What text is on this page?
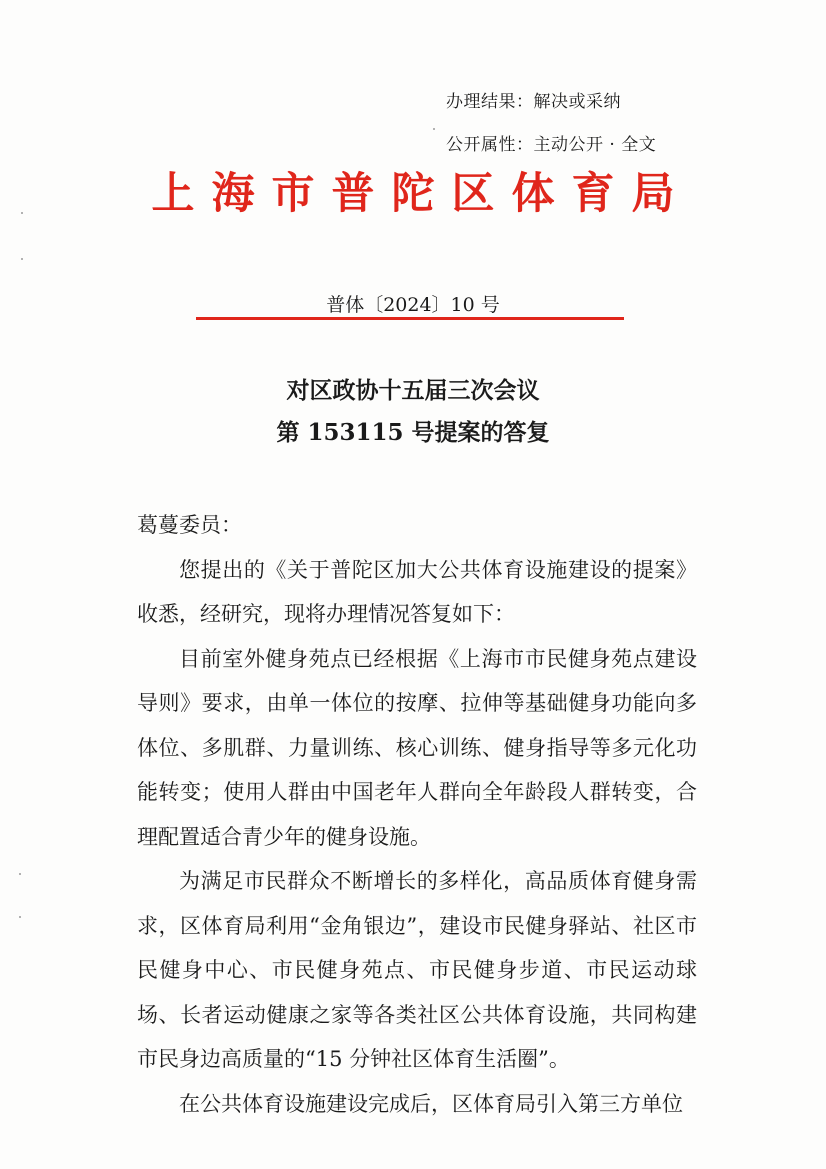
办理结果：解决或采纳
公开属性：主动公开 · 全文
上海市普陀区体育局
普体〔2024〕10 号
对区政协十五届三次会议
第 153115 号提案的答复

葛蔓委员：

您提出的《关于普陀区加大公共体育设施建设的提案》收悉，经研究，现将办理情况答复如下：

目前室外健身苑点已经根据《上海市市民健身苑点建设导则》要求，由单一体位的按摩、拉伸等基础健身功能向多体位、多肌群、力量训练、核心训练、健身指导等多元化功能转变；使用人群由中国老年人群向全年龄段人群转变，合理配置适合青少年的健身设施。

为满足市民群众不断增长的多样化，高品质体育健身需求，区体育局利用“金角银边”，建设市民健身驿站、社区市民健身中心、市民健身苑点、市民健身步道、市民运动球场、长者运动健康之家等各类社区公共体育设施，共同构建市民身边高质量的“15 分钟社区体育生活圈”。

在公共体育设施建设完成后，区体育局引入第三方单位
